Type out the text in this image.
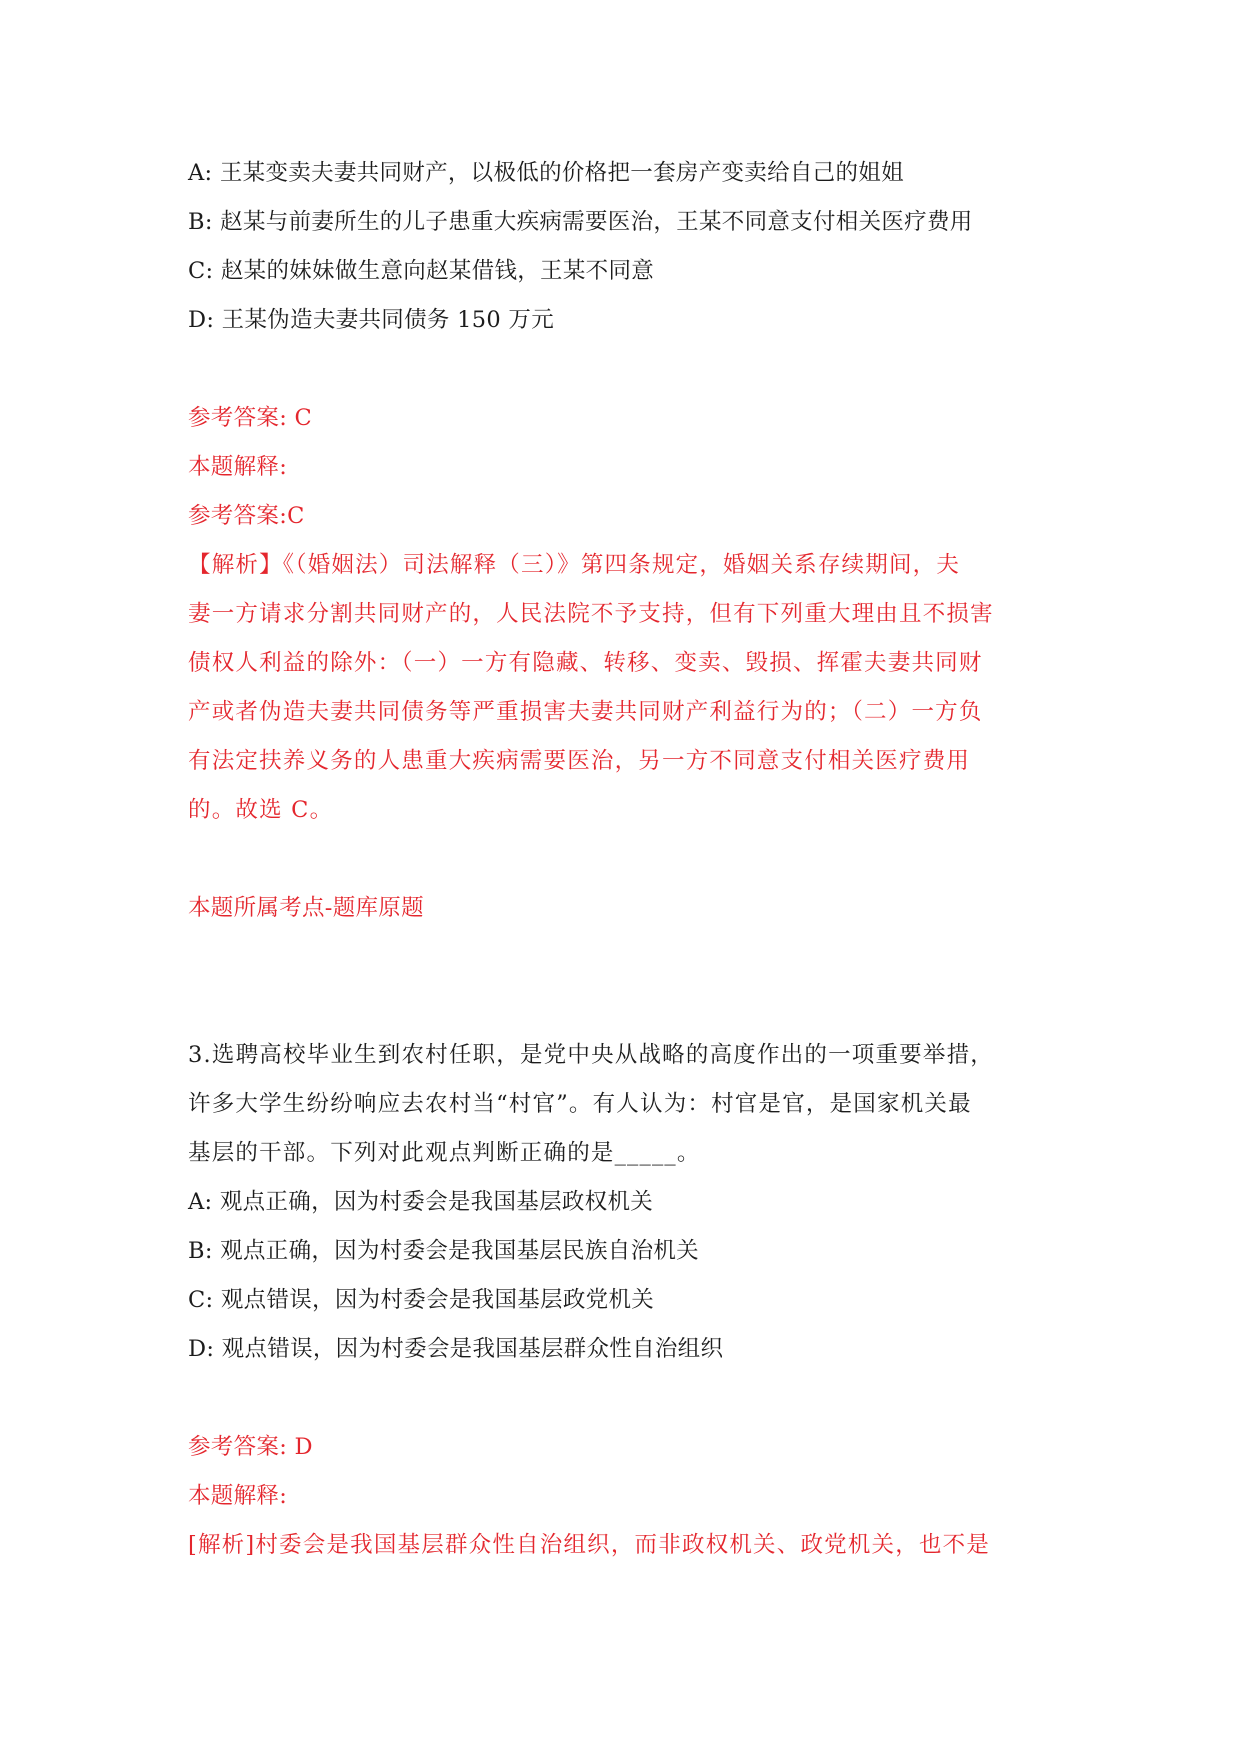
A: 王某变卖夫妻共同财产，以极低的价格把一套房产变卖给自己的姐姐
B: 赵某与前妻所生的儿子患重大疾病需要医治，王某不同意支付相关医疗费用
C: 赵某的妹妹做生意向赵某借钱，王某不同意
D: 王某伪造夫妻共同债务 150 万元
参考答案: C
本题解释:
参考答案:C
【解析】《（婚姻法）司法解释（三）》第四条规定，婚姻关系存续期间，夫
妻一方请求分割共同财产的，人民法院不予支持，但有下列重大理由且不损害
债权人利益的除外：（一）一方有隐藏、转移、变卖、毁损、挥霍夫妻共同财
产或者伪造夫妻共同债务等严重损害夫妻共同财产利益行为的；（二）一方负
有法定扶养义务的人患重大疾病需要医治，另一方不同意支付相关医疗费用
的。故选 C。
本题所属考点-题库原题
3.选聘高校毕业生到农村任职，是党中央从战略的高度作出的一项重要举措，
许多大学生纷纷响应去农村当“村官”。有人认为：村官是官，是国家机关最
基层的干部。下列对此观点判断正确的是_____。
A: 观点正确，因为村委会是我国基层政权机关
B: 观点正确，因为村委会是我国基层民族自治机关
C: 观点错误，因为村委会是我国基层政党机关
D: 观点错误，因为村委会是我国基层群众性自治组织
参考答案: D
本题解释:
[解析]村委会是我国基层群众性自治组织，而非政权机关、政党机关，也不是
